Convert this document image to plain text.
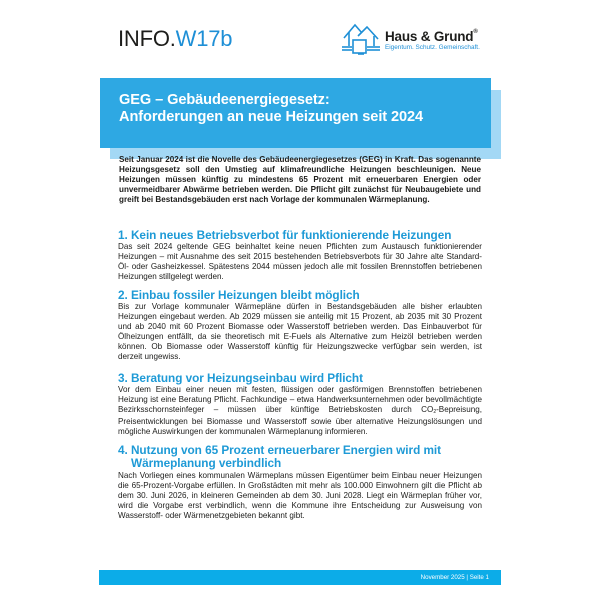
INFO.W17b	Haus & Grund®
Eigentum. Schutz. Gemeinschaft.
GEG – Gebäudeenergiegesetz:
Anforderungen an neue Heizungen seit 2024
Seit Januar 2024 ist die Novelle des Gebäudeenergiegesetzes (GEG) in Kraft. Das sogenannte Heizungsgesetz soll den Umstieg auf klimafreundliche Heizungen beschleunigen. Neue Heizungen müssen künftig zu mindestens 65 Prozent mit erneuerbaren Energien oder unvermeidbarer Abwärme betrieben werden. Die Pflicht gilt zunächst für Neubaugebiete und greift bei Bestandsgebäuden erst nach Vorlage der kommunalen Wärmeplanung.
1. Kein neues Betriebsverbot für funktionierende Heizungen
Das seit 2024 geltende GEG beinhaltet keine neuen Pflichten zum Austausch funktionierender Heizungen – mit Ausnahme des seit 2015 bestehenden Betriebsverbots für 30 Jahre alte Standard-Öl- oder Gasheizkessel. Spätestens 2044 müssen jedoch alle mit fossilen Brennstoffen betriebenen Heizungen stillgelegt werden.
2. Einbau fossiler Heizungen bleibt möglich
Bis zur Vorlage kommunaler Wärmepläne dürfen in Bestandsgebäuden alle bisher erlaubten Heizungen eingebaut werden. Ab 2029 müssen sie anteilig mit 15 Prozent, ab 2035 mit 30 Prozent und ab 2040 mit 60 Prozent Biomasse oder Wasserstoff betrieben werden. Das Einbauverbot für Ölheizungen entfällt, da sie theoretisch mit E-Fuels als Alternative zum Heizöl betrieben werden können. Ob Biomasse oder Wasserstoff künftig für Heizungszwecke verfügbar sein werden, ist derzeit ungewiss.
3. Beratung vor Heizungseinbau wird Pflicht
Vor dem Einbau einer neuen mit festen, flüssigen oder gasförmigen Brennstoffen betriebenen Heizung ist eine Beratung Pflicht. Fachkundige – etwa Handwerksunternehmen oder bevollmächtigte Bezirksschornsteinfeger – müssen über künftige Betriebskosten durch $CO_2$-Bepreisung, Preisentwicklungen bei Biomasse und Wasserstoff sowie über alternative Heizungslösungen und mögliche Auswirkungen der kommunalen Wärmeplanung informieren.
4. Nutzung von 65 Prozent erneuerbarer Energien wird mit
Wärmeplanung verbindlich
Nach Vorliegen eines kommunalen Wärmeplans müssen Eigentümer beim Einbau neuer Heizungen die 65-Prozent-Vorgabe erfüllen. In Großstädten mit mehr als 100.000 Einwohnern gilt die Pflicht ab dem 30. Juni 2026, in kleineren Gemeinden ab dem 30. Juni 2028. Liegt ein Wärmeplan früher vor, wird die Vorgabe erst verbindlich, wenn die Kommune ihre Entscheidung zur Ausweisung von Wasserstoff- oder Wärmenetzgebieten bekannt gibt.
November 2025 | Seite 1
